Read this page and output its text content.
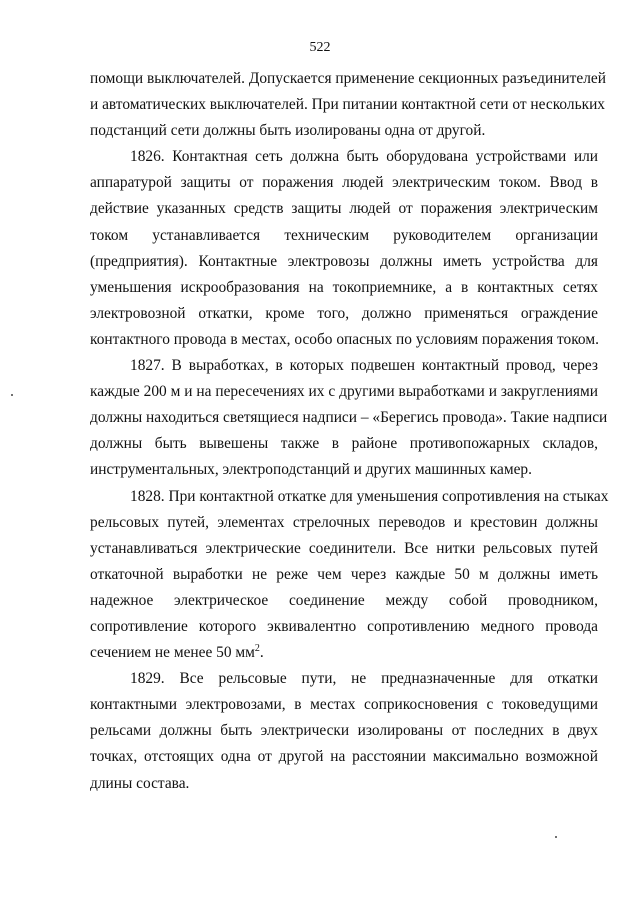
522

помощи выключателей. Допускается применение секционных разъединителей
и автоматических выключателей. При питании контактной сети от нескольких
подстанций сети должны быть изолированы одна от другой.

1826. Контактная сеть должна быть оборудована устройствами или
аппаратурой защиты от поражения людей электрическим током. Ввод в
действие указанных средств защиты людей от поражения электрическим
током устанавливается техническим руководителем организации
(предприятия). Контактные электровозы должны иметь устройства для
уменьшения искрообразования на токоприемнике, а в контактных сетях
электровозной откатки, кроме того, должно применяться ограждение
контактного провода в местах, особо опасных по условиям поражения током.

1827. В выработках, в которых подвешен контактный провод, через
каждые 200 м и на пересечениях их с другими выработками и закруглениями
должны находиться светящиеся надписи – «Берегись провода». Такие надписи
должны быть вывешены также в районе противопожарных складов,
инструментальных, электроподстанций и других машинных камер.

1828. При контактной откатке для уменьшения сопротивления на стыках
рельсовых путей, элементах стрелочных переводов и крестовин должны
устанавливаться электрические соединители. Все нитки рельсовых путей
откаточной выработки не реже чем через каждые 50 м должны иметь
надежное электрическое соединение между собой проводником,
сопротивление которого эквивалентно сопротивлению медного провода
сечением не менее 50 $мм^2$.

1829. Все рельсовые пути, не предназначенные для откатки
контактными электровозами, в местах соприкосновения с токоведущими
рельсами должны быть электрически изолированы от последних в двух
точках, отстоящих одна от другой на расстоянии максимально возможной
длины состава.
